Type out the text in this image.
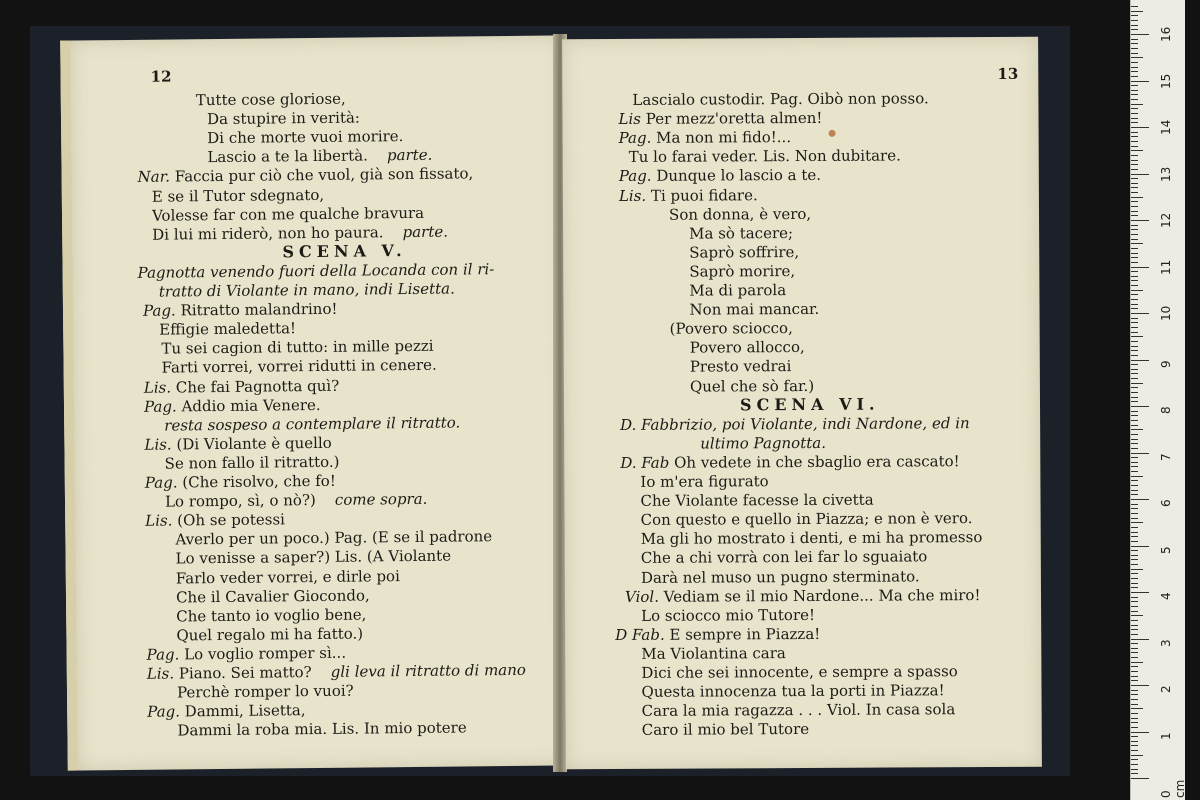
12
Tutte cose gloriose,
Da stupire in verità:
Di che morte vuoi morire.
Lascio a te la libertà. parte.
Nar. Faccia pur ciò che vuol, già son fissato,
E se il Tutor sdegnato,
Volesse far con me qualche bravura
Di lui mi riderò, non ho paura. parte.
SCENA V.
Pagnotta venendo fuori della Locanda con il ri-
tratto di Violante in mano, indi Lisetta.
Pag. Ritratto malandrino!
Effigie maledetta!
Tu sei cagion di tutto: in mille pezzi
Farti vorrei, vorrei ridutti in cenere.
Lis. Che fai Pagnotta quì?
Pag. Addio mia Venere.
resta sospeso a contemplare il ritratto.
Lis. (Di Violante è quello
Se non fallo il ritratto.)
Pag. (Che risolvo, che fo!
Lo rompo, sì, o nò?) come sopra.
Lis. (Oh se potessi
Averlo per un poco.) Pag. (E se il padrone
Lo venisse a saper?) Lis. (A Violante
Farlo veder vorrei, e dirle poi
Che il Cavalier Giocondo,
Che tanto io voglio bene,
Quel regalo mi ha fatto.)
Pag. Lo voglio romper sì...
Lis. Piano. Sei matto? gli leva il ritratto di mano
Perchè romper lo vuoi?
Pag. Dammi, Lisetta,
Dammi la roba mia. Lis. In mio potere
13
Lascialo custodir. Pag. Oibò non posso.
Lis Per mezz'oretta almen!
Pag. Ma non mi fido!...
Tu lo farai veder. Lis. Non dubitare.
Pag. Dunque lo lascio a te.
Lis. Ti puoi fidare.
Son donna, è vero,
Ma sò tacere;
Saprò soffrire,
Saprò morire,
Ma di parola
Non mai mancar.
(Povero sciocco,
Povero allocco,
Presto vedrai
Quel che sò far.)
SCENA VI.
D. Fabbrizio, poi Violante, indi Nardone, ed in
ultimo Pagnotta.
D. Fab Oh vedete in che sbaglio era cascato!
Io m'era figurato
Che Violante facesse la civetta
Con questo e quello in Piazza; e non è vero.
Ma gli ho mostrato i denti, e mi ha promesso
Che a chi vorrà con lei far lo sguaiato
Darà nel muso un pugno sterminato.
Viol. Vediam se il mio Nardone... Ma che miro!
Lo sciocco mio Tutore!
D Fab. E sempre in Piazza!
Ma Violantina cara
Dici che sei innocente, e sempre a spasso
Questa innocenza tua la porti in Piazza!
Cara la mia ragazza . . . Viol. In casa sola
Caro il mio bel Tutore
0 cm
1
2
3
4
5
6
7
8
9
10
11
12
13
14
15
16
